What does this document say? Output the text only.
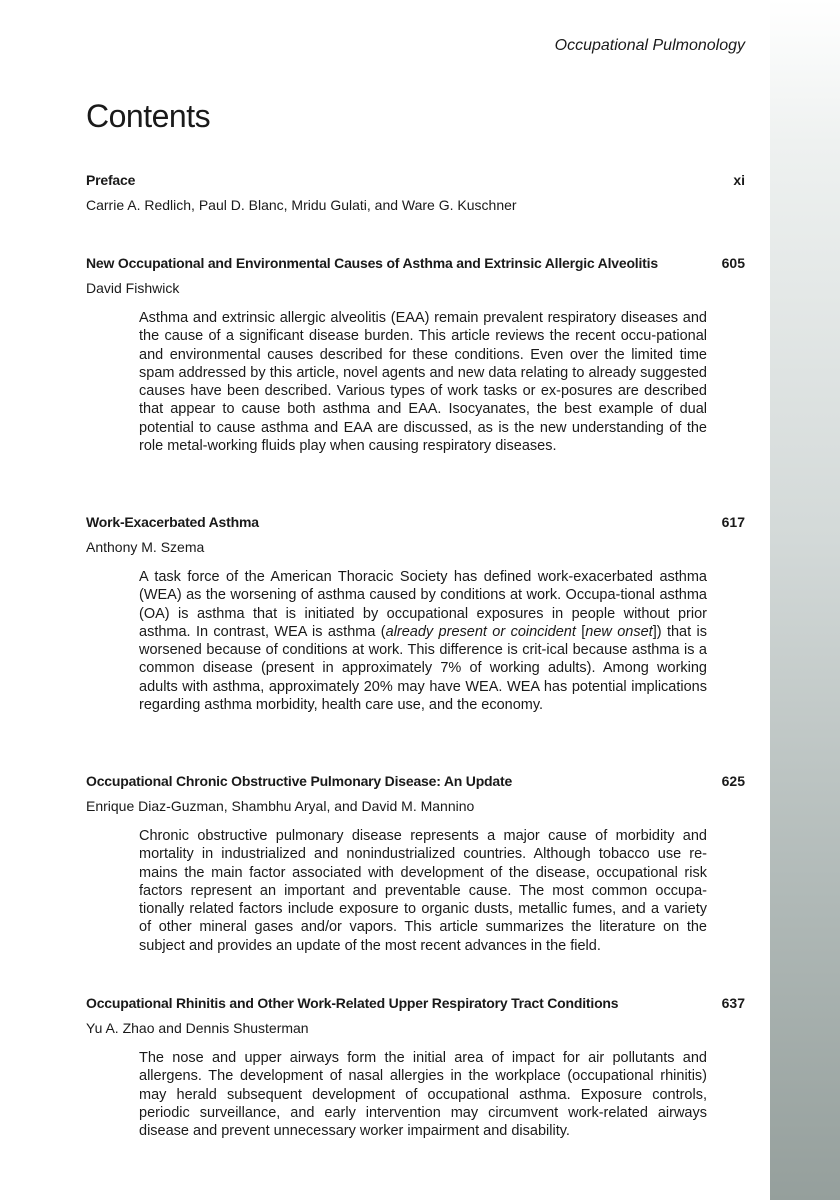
Occupational Pulmonology
Contents
Preface	xi
Carrie A. Redlich, Paul D. Blanc, Mridu Gulati, and Ware G. Kuschner
New Occupational and Environmental Causes of Asthma and Extrinsic Allergic Alveolitis	605
David Fishwick
Asthma and extrinsic allergic alveolitis (EAA) remain prevalent respiratory diseases and the cause of a significant disease burden. This article reviews the recent occu-pational and environmental causes described for these conditions. Even over the limited time spam addressed by this article, novel agents and new data relating to already suggested causes have been described. Various types of work tasks or ex-posures are described that appear to cause both asthma and EAA. Isocyanates, the best example of dual potential to cause asthma and EAA are discussed, as is the new understanding of the role metal-working fluids play when causing respiratory diseases.
Work-Exacerbated Asthma	617
Anthony M. Szema
A task force of the American Thoracic Society has defined work-exacerbated asthma (WEA) as the worsening of asthma caused by conditions at work. Occupa-tional asthma (OA) is asthma that is initiated by occupational exposures in people without prior asthma. In contrast, WEA is asthma (already present or coincident [new onset]) that is worsened because of conditions at work. This difference is crit-ical because asthma is a common disease (present in approximately 7% of working adults). Among working adults with asthma, approximately 20% may have WEA. WEA has potential implications regarding asthma morbidity, health care use, and the economy.
Occupational Chronic Obstructive Pulmonary Disease: An Update	625
Enrique Diaz-Guzman, Shambhu Aryal, and David M. Mannino
Chronic obstructive pulmonary disease represents a major cause of morbidity and mortality in industrialized and nonindustrialized countries. Although tobacco use re-mains the main factor associated with development of the disease, occupational risk factors represent an important and preventable cause. The most common occupa-tionally related factors include exposure to organic dusts, metallic fumes, and a variety of other mineral gases and/or vapors. This article summarizes the literature on the subject and provides an update of the most recent advances in the field.
Occupational Rhinitis and Other Work-Related Upper Respiratory Tract Conditions	637
Yu A. Zhao and Dennis Shusterman
The nose and upper airways form the initial area of impact for air pollutants and allergens. The development of nasal allergies in the workplace (occupational rhinitis) may herald subsequent development of occupational asthma. Exposure controls, periodic surveillance, and early intervention may circumvent work-related airways disease and prevent unnecessary worker impairment and disability.
